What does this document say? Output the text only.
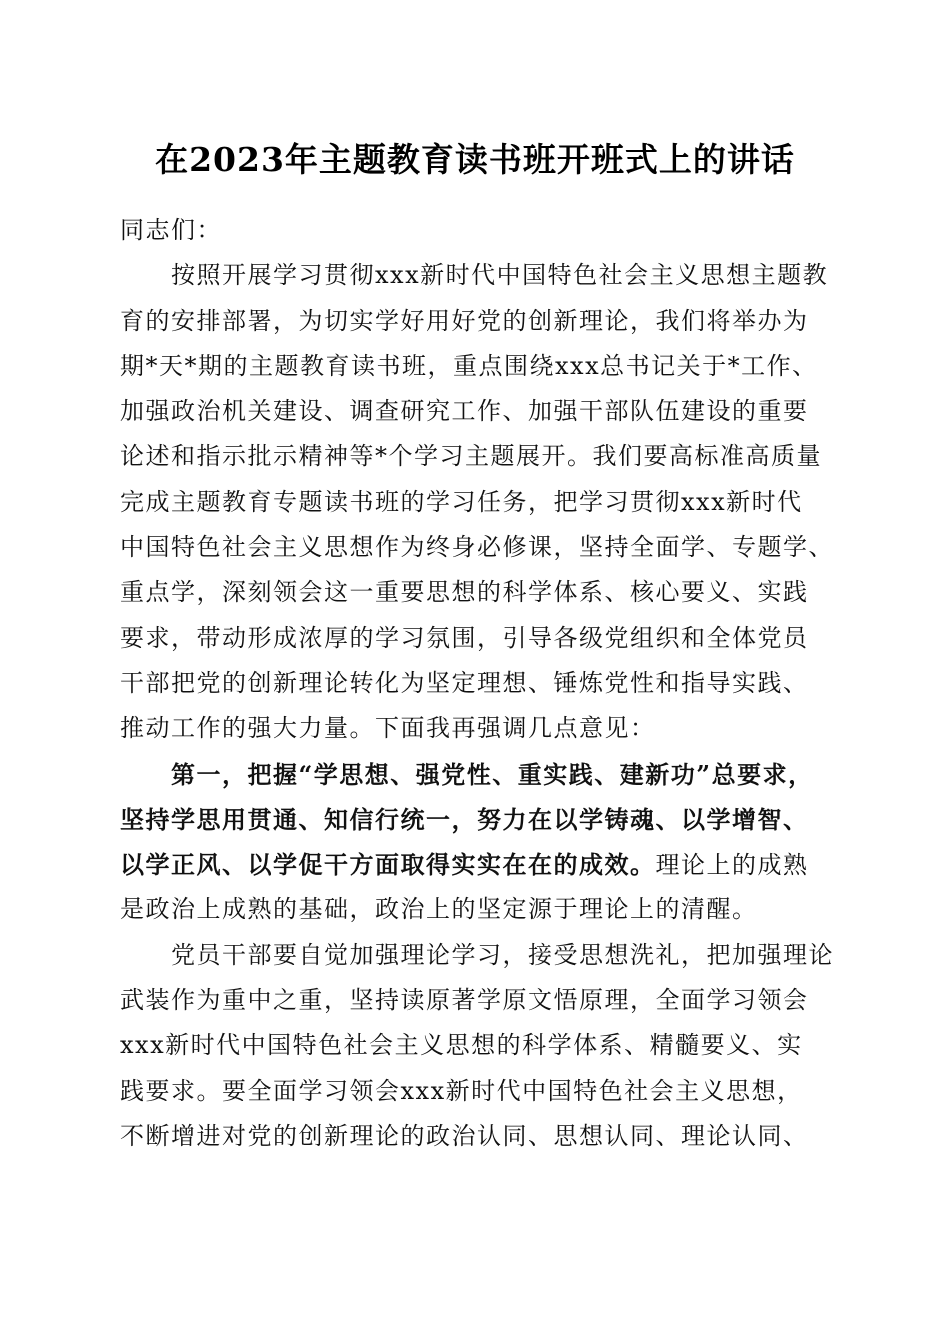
在2023年主题教育读书班开班式上的讲话
同志们：
　　按照开展学习贯彻xxx新时代中国特色社会主义思想主题教
育的安排部署，为切实学好用好党的创新理论，我们将举办为
期*天*期的主题教育读书班，重点围绕xxx总书记关于*工作、
加强政治机关建设、调查研究工作、加强干部队伍建设的重要
论述和指示批示精神等*个学习主题展开。我们要高标准高质量
完成主题教育专题读书班的学习任务，把学习贯彻xxx新时代
中国特色社会主义思想作为终身必修课，坚持全面学、专题学、
重点学，深刻领会这一重要思想的科学体系、核心要义、实践
要求，带动形成浓厚的学习氛围，引导各级党组织和全体党员
干部把党的创新理论转化为坚定理想、锤炼党性和指导实践、
推动工作的强大力量。下面我再强调几点意见：
　　第一，把握“学思想、强党性、重实践、建新功”总要求，
坚持学思用贯通、知信行统一，努力在以学铸魂、以学增智、
以学正风、以学促干方面取得实实在在的成效。理论上的成熟
是政治上成熟的基础，政治上的坚定源于理论上的清醒。
　　党员干部要自觉加强理论学习，接受思想洗礼，把加强理论
武装作为重中之重，坚持读原著学原文悟原理，全面学习领会
xxx新时代中国特色社会主义思想的科学体系、精髓要义、实
践要求。要全面学习领会xxx新时代中国特色社会主义思想，
不断增进对党的创新理论的政治认同、思想认同、理论认同、
